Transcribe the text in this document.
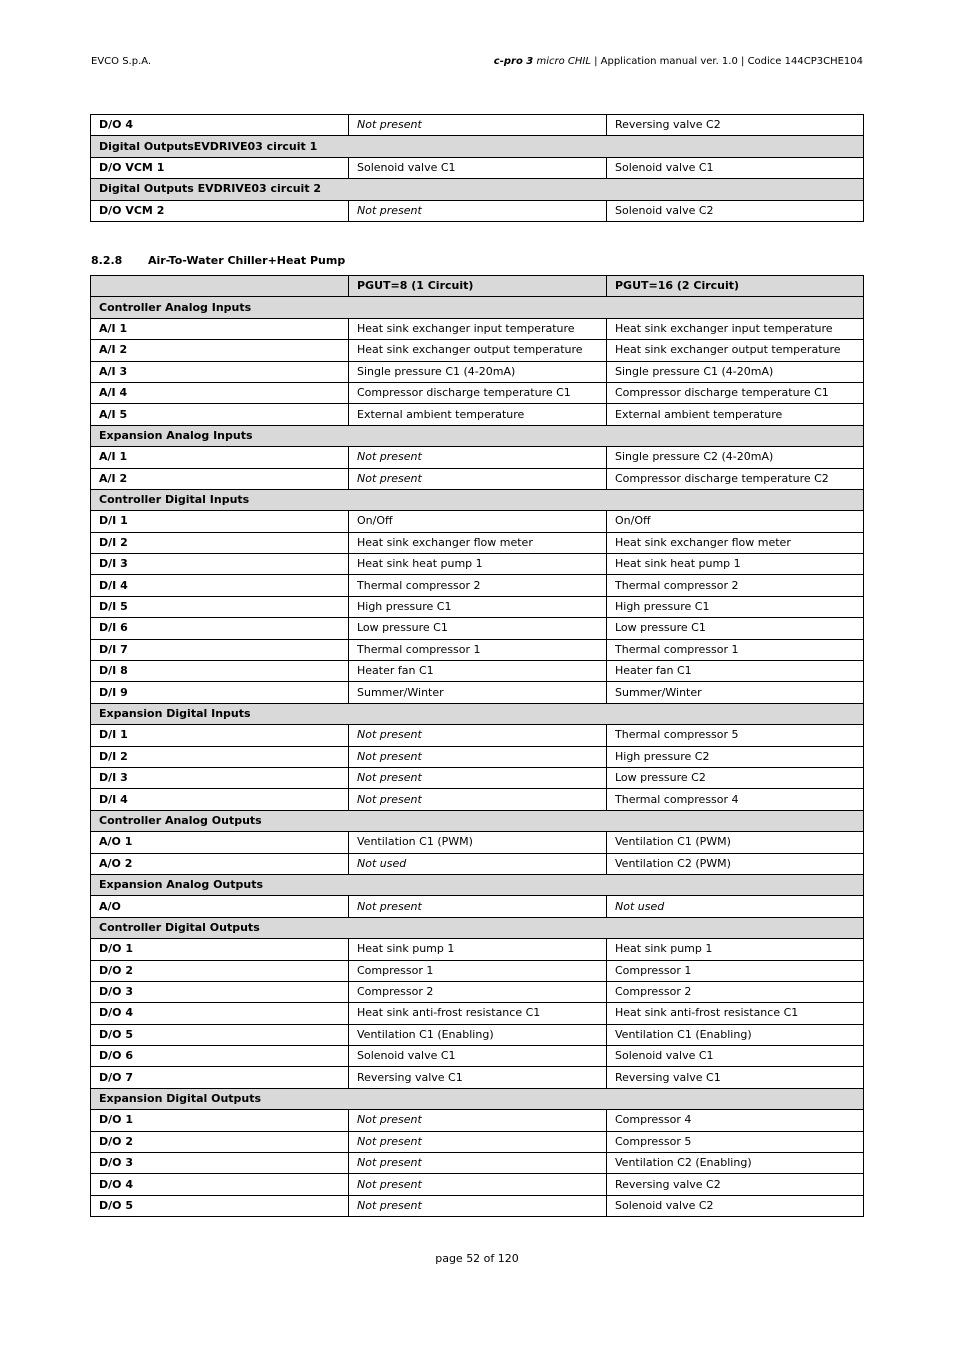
EVCO S.p.A.	c-pro 3 micro CHIL | Application manual ver. 1.0 | Codice 144CP3CHE104
D/O 4	Not present	Reversing valve C2
Digital OutputsEVDRIVE03 circuit 1		
D/O VCM 1	Solenoid valve C1	Solenoid valve C1
Digital Outputs EVDRIVE03 circuit 2		
D/O VCM 2	Not present	Solenoid valve C2
8.2.8 Air-To-Water Chiller+Heat Pump
	PGUT=8 (1 Circuit)	PGUT=16 (2 Circuit)
Controller Analog Inputs		
A/I 1	Heat sink exchanger input temperature	Heat sink exchanger input temperature
A/I 2	Heat sink exchanger output temperature	Heat sink exchanger output temperature
A/I 3	Single pressure C1 (4-20mA)	Single pressure C1 (4-20mA)
A/I 4	Compressor discharge temperature C1	Compressor discharge temperature C1
A/I 5	External ambient temperature	External ambient temperature
Expansion Analog Inputs		
A/I 1	Not present	Single pressure C2 (4-20mA)
A/I 2	Not present	Compressor discharge temperature C2
Controller Digital Inputs		
D/I 1	On/Off	On/Off
D/I 2	Heat sink exchanger flow meter	Heat sink exchanger flow meter
D/I 3	Heat sink heat pump 1	Heat sink heat pump 1
D/I 4	Thermal compressor 2	Thermal compressor 2
D/I 5	High pressure C1	High pressure C1
D/I 6	Low pressure C1	Low pressure C1
D/I 7	Thermal compressor 1	Thermal compressor 1
D/I 8	Heater fan C1	Heater fan C1
D/I 9	Summer/Winter	Summer/Winter
Expansion Digital Inputs		
D/I 1	Not present	Thermal compressor 5
D/I 2	Not present	High pressure C2
D/I 3	Not present	Low pressure C2
D/I 4	Not present	Thermal compressor 4
Controller Analog Outputs		
A/O 1	Ventilation C1 (PWM)	Ventilation C1 (PWM)
A/O 2	Not used	Ventilation C2 (PWM)
Expansion Analog Outputs		
A/O	Not present	Not used
Controller Digital Outputs		
D/O 1	Heat sink pump 1	Heat sink pump 1
D/O 2	Compressor 1	Compressor 1
D/O 3	Compressor 2	Compressor 2
D/O 4	Heat sink anti-frost resistance C1	Heat sink anti-frost resistance C1
D/O 5	Ventilation C1 (Enabling)	Ventilation C1 (Enabling)
D/O 6	Solenoid valve C1	Solenoid valve C1
D/O 7	Reversing valve C1	Reversing valve C1
Expansion Digital Outputs		
D/O 1	Not present	Compressor 4
D/O 2	Not present	Compressor 5
D/O 3	Not present	Ventilation C2 (Enabling)
D/O 4	Not present	Reversing valve C2
D/O 5	Not present	Solenoid valve C2
page 52 of 120
